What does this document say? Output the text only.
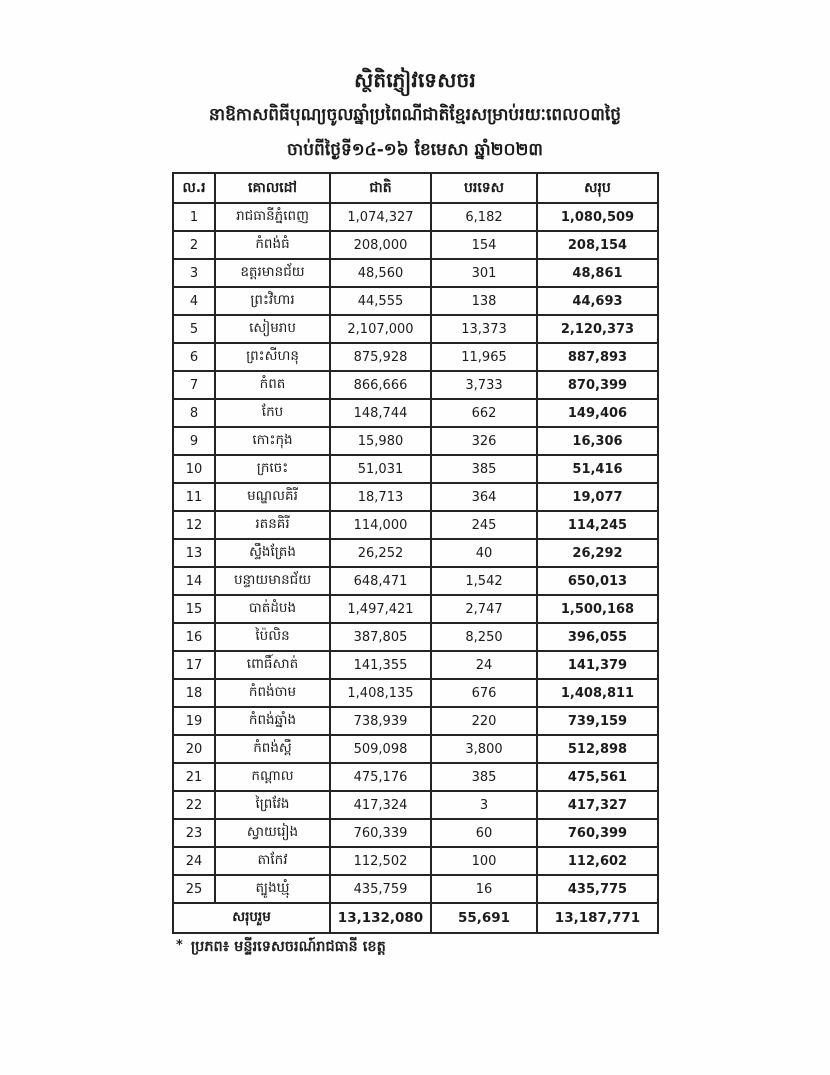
ស្ថិតិភ្ញៀវទេសចរ
នាឱកាសពិធីបុណ្យចូលឆ្នាំប្រពៃណីជាតិខ្មែរសម្រាប់រយៈពេល០៣ថ្ងៃ
ចាប់ពីថ្ងៃទី១៤-១៦ ខែមេសា ឆ្នាំ២០២៣
ល.រ	គោលដៅ	ជាតិ	បរទេស	សរុប
1	រាជធានីភ្នំពេញ	1,074,327	6,182	1,080,509
2	កំពង់ធំ	208,000	154	208,154
3	ឧត្តរមានជ័យ	48,560	301	48,861
4	ព្រះវិហារ	44,555	138	44,693
5	សៀមរាប	2,107,000	13,373	2,120,373
6	ព្រះសីហនុ	875,928	11,965	887,893
7	កំពត	866,666	3,733	870,399
8	កែប	148,744	662	149,406
9	កោះកុង	15,980	326	16,306
10	ក្រចេះ	51,031	385	51,416
11	មណ្ឌលគិរី	18,713	364	19,077
12	រតនគិរី	114,000	245	114,245
13	ស្ទឹងត្រែង	26,252	40	26,292
14	បន្ទាយមានជ័យ	648,471	1,542	650,013
15	បាត់ដំបង	1,497,421	2,747	1,500,168
16	ប៉ៃលិន	387,805	8,250	396,055
17	ពោធិ៍សាត់	141,355	24	141,379
18	កំពង់ចាម	1,408,135	676	1,408,811
19	កំពង់ឆ្នាំង	738,939	220	739,159
20	កំពង់ស្ពឺ	509,098	3,800	512,898
21	កណ្តាល	475,176	385	475,561
22	ព្រៃវែង	417,324	3	417,327
23	ស្វាយរៀង	760,339	60	760,399
24	តាកែវ	112,502	100	112,602
25	ត្បូងឃ្មុំ	435,759	16	435,775
សរុបរួម		13,132,080	55,691	13,187,771
* ប្រភព៖ មន្ទីរទេសចរណ៍រាជធានី ខេត្ត
